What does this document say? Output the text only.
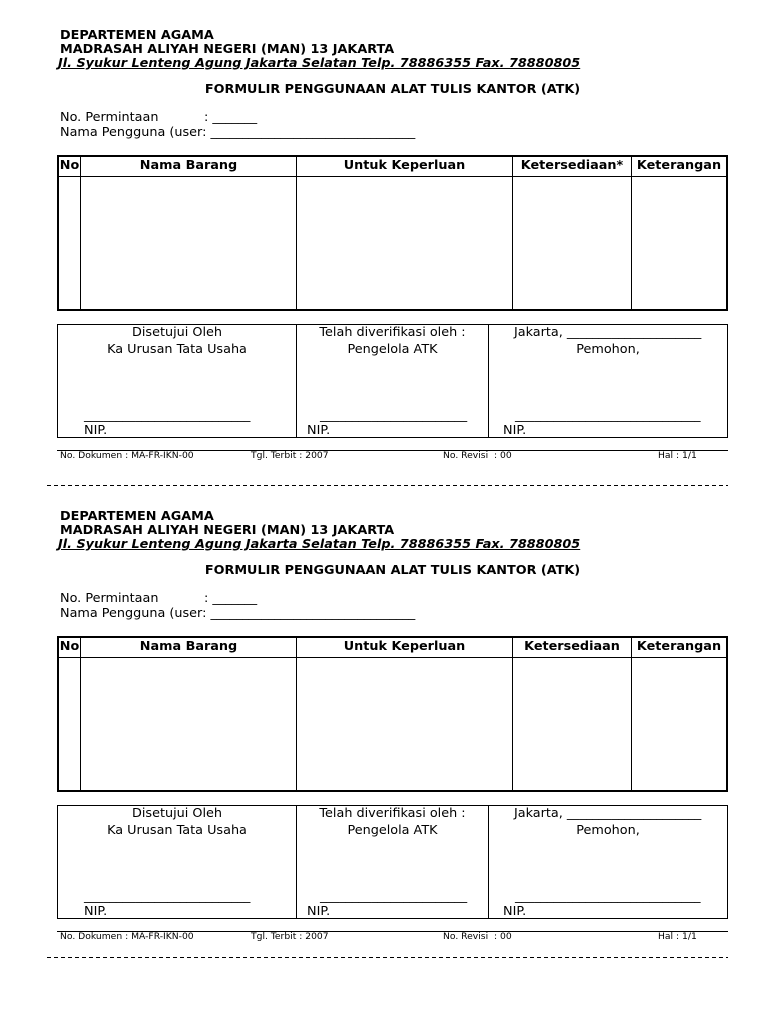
DEPARTEMEN AGAMA
MADRASAH ALIYAH NEGERI (MAN) 13 JAKARTA
Jl. Syukur Lenteng Agung Jakarta Selatan Telp. 78886355 Fax. 78880805
FORMULIR PENGGUNAAN ALAT TULIS KANTOR (ATK)
No. Permintaan	: _______
Nama Pengguna (user: ________________________________
No	Nama Barang	Untuk Keperluan	Ketersediaan*	Keterangan
Disetujui Oleh
Ka Urusan Tata Usaha
__________________________
NIP.
Telah diverifikasi oleh :
Pengelola ATK
_______________________
NIP.
Jakarta, _____________________
Pemohon,
_____________________________
NIP.
No. Dokumen : MA-FR-IKN-00	Tgl. Terbit : 2007	No. Revisi  : 00	Hal : 1/1
DEPARTEMEN AGAMA
MADRASAH ALIYAH NEGERI (MAN) 13 JAKARTA
Jl. Syukur Lenteng Agung Jakarta Selatan Telp. 78886355 Fax. 78880805
FORMULIR PENGGUNAAN ALAT TULIS KANTOR (ATK)
No. Permintaan	: _______
Nama Pengguna (user: ________________________________
No	Nama Barang	Untuk Keperluan	Ketersediaan	Keterangan
Disetujui Oleh
Ka Urusan Tata Usaha
__________________________
NIP.
Telah diverifikasi oleh :
Pengelola ATK
_______________________
NIP.
Jakarta, _____________________
Pemohon,
_____________________________
NIP.
No. Dokumen : MA-FR-IKN-00	Tgl. Terbit : 2007	No. Revisi  : 00	Hal : 1/1
